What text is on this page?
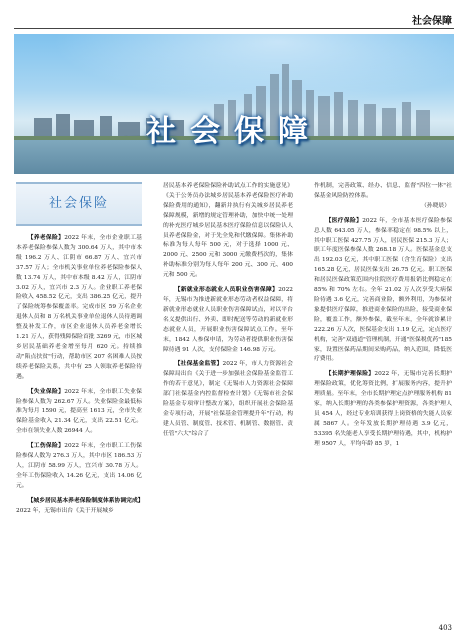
社会保障
社会保障
社会保险

【养老保险】2022 年末，全市企业职工基本养老保险参保人数为 300.64 万人，其中市本级 196.2 万人、江阴市 66.87 万人、宜兴市 37.57 万人；全市机关事业单位养老保险参保人数 13.74 万人，其中市本级 8.42 万人，江阴市 3.02 万人，宜兴市 2.3 万人。企业职工养老保险收入 458.52 亿元，支出 386.25 亿元，提升了保险统筹参保覆盖率。完成市区 59 万名企业退休人员和 8 万名机关事业单位退休人员待遇调整及补发工作，市区企业退休人员养老金增长 1.21 万人，获得残障保险首批 3269 元，市区城乡居民基础养老金增至每月 620 元。持续推动"陷点扶贫"行动，帮助市区 207 名困难人员按续养老保险关系，共中有 25 人领取养老保险待遇。

【失业保险】2022 年末，全市职工失业保险参保人数为 262.67 万人。失业保险金最低标准为每月 1590 元，提高至 1613 元，全市失业保险基金收入 21.34 亿元，支出 22.51 亿元。全市在领失业人数 26944 人。

【工伤保险】2022 年末，全市职工工伤保险参保人数为 276.3 万人，其中市区 186.53 万人，江阴市 58.99 万人，宜兴市 30.78 万人。全年工伤保险收入 14.26 亿元，支出 14.06 亿元。

【城乡居民基本养老保险制度体系协调完成】2022 年，无锡市出台《关于开展城乡

居民基本养老保险保险补助试点工作的实施意见》《关于公务员办法城乡居民基本养老保险医疗补助保险费用的通知》，翻新并执行有关城乡居民养老保障规模，新增的规定管理补助，加快中统一处理的补充医疗城乡居民基本医疗保险信息以保险认人员养老保险金，对于先全免和代缴保障。集体补助标准为每人每年 500 元，对于选择 1000 元、2000 元、2500 元和 3000 元缴费档次的，集体补助标准分别为每人每年 200 元、300 元、400 元和 500 元。

【新就业形态就业人员职业伤害保障】2022 年，无锡市为推进新就业形态劳动者权益保障，将新就业形态就业人员职业伤害保障试点，对以平台名义提供出行、外卖、即时配送等劳动的新就业形态就业人员，开展职业伤害保障试点工作。至年末，1842 人参保申请，为劳动者提供职业伤害保障待遇 91 人次，支付保险金 146.98 万元。

【社保基金监管】2022 年，市人力资源社会保障局出台《关于进一步加强社会保险基金监管工作的若干意见》，制定《无锡市人力资源社会保障部门社保基金内控监督检查计划》《无锡市社会保险基金专项审计整改方案》，组织开展社会保险基金专项行动，开展"社保基金管理提升年"行动，构建人员管、制度管、技术管、机制管、数据管、责任管"六大"综合了

作机制，完善政策、经办、信息、监督"四位一体"社保基金风险防控体系。

（孙晓晨）

【医疗保险】2022 年，全市基本医疗保险参保总人数 643.05 万人，参保率稳定在 98.5% 以上，其中职工医保 427.75 万人，居民医保 215.3 万人；职工年度医保参保人数 268.18 万人。医保基金总支出 192.03 亿元，其中职工医保（含生育保险）支出 165.28 亿元，居民医保支出 26.75 亿元。职工医保和居民医保政策范围内住院医疗费用报销比例稳定在 85% 和 70% 左右。全年 21.02 万人次享受大病保险待遇 3.6 亿元，完善商业险，额外利用，为参保对象提供医疗保障，推进商业保险的出险，接受商业保险，覆盖工作，额外参保，截至年末，全年就诊累计 222.26 万人次，医保基金支出 1.19 亿元，定点医疗机构，完善"双通道"管理机制，开通"医保税优药"185 家，设置医保药品期间采购药品，纳入范围，降低医疗费用。

【长期护理保险】2022 年，无锡市完善长期护理保险政策，优化筹资比例，扩展服务内容，提升护理质量。至年末，全市长期护理定点护理服务机构 81 家，纳入长期护理的各类参保护理资源，各类护理人员 454 人，经过专业培训获得上岗资格的失能人员家属 5867 人。全年发放长期护理待遇 3.9 亿元，53395 名失能老人享受长期护理待遇，其中，机构护理 9507 人，平均年龄 85 岁，1

403
